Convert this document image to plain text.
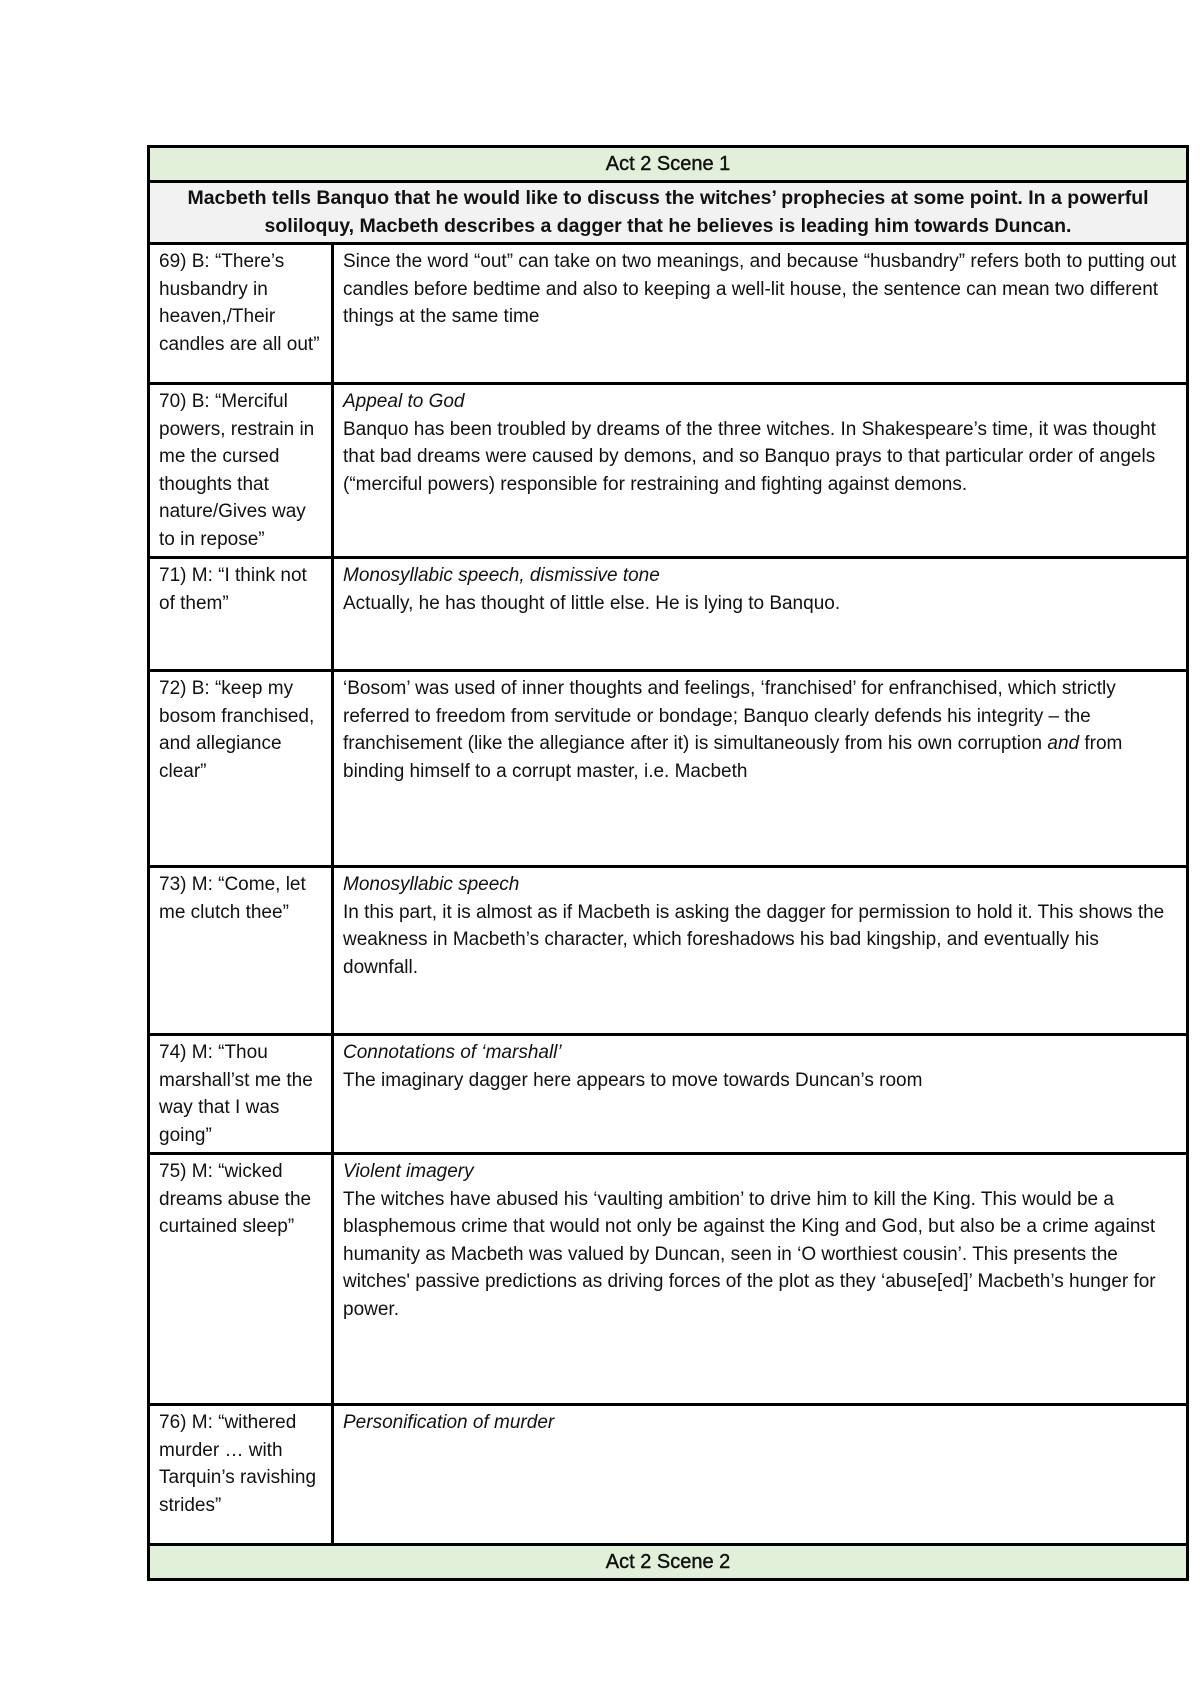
Act 2 Scene 1	
Macbeth tells Banquo that he would like to discuss the witches’ prophecies at some point. In a powerful soliloquy, Macbeth describes a dagger that he believes is leading him towards Duncan.	
69) B: “There’s husbandry in heaven,/Their candles are all out”	Since the word “out” can take on two meanings, and because “husbandry” refers both to putting out candles before bedtime and also to keeping a well-lit house, the sentence can mean two different things at the same time

70) B: “Merciful powers, restrain in me the cursed thoughts that nature/Gives way to in repose”	Appeal to God
Banquo has been troubled by dreams of the three witches. In Shakespeare’s time, it was thought that bad dreams were caused by demons, and so Banquo prays to that particular order of angels (“merciful powers) responsible for restraining and fighting against demons.

71) M: “I think not of them”	Monosyllabic speech, dismissive tone
Actually, he has thought of little else. He is lying to Banquo.

72) B: “keep my bosom franchised, and allegiance clear”	‘Bosom’ was used of inner thoughts and feelings, ‘franchised’ for enfranchised, which strictly referred to freedom from servitude or bondage; Banquo clearly defends his integrity – the franchisement (like the allegiance after it) is simultaneously from his own corruption and from binding himself to a corrupt master, i.e. Macbeth

73) M: “Come, let me clutch thee”	Monosyllabic speech
In this part, it is almost as if Macbeth is asking the dagger for permission to hold it. This shows the weakness in Macbeth’s character, which foreshadows his bad kingship, and eventually his downfall.

74) M: “Thou marshall’st me the way that I was going”	Connotations of ‘marshall’
The imaginary dagger here appears to move towards Duncan’s room

75) M: “wicked dreams abuse the curtained sleep”	Violent imagery
The witches have abused his ‘vaulting ambition’ to drive him to kill the King. This would be a blasphemous crime that would not only be against the King and God, but also be a crime against humanity as Macbeth was valued by Duncan, seen in ‘O worthiest cousin’. This presents the witches' passive predictions as driving forces of the plot as they ‘abuse[ed]’ Macbeth’s hunger for power.

76) M: “withered murder … with Tarquin’s ravishing strides”	Personification of murder

Act 2 Scene 2	
